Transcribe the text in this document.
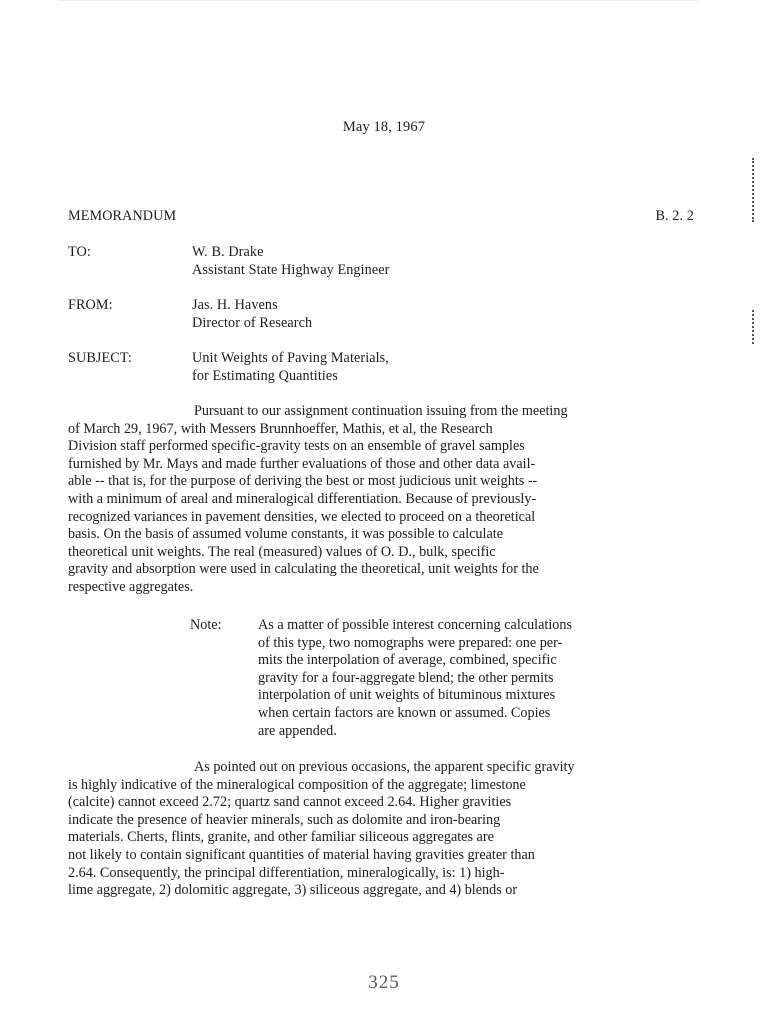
May 18, 1967
MEMORANDUM	B. 2. 2
TO:	W. B. Drake
Assistant State Highway Engineer
FROM:	Jas. H. Havens
Director of Research
SUBJECT:	Unit Weights of Paving Materials,
for Estimating Quantities
Pursuant to our assignment continuation issuing from the meeting
of March 29, 1967, with Messers Brunnhoeffer, Mathis, et al, the Research
Division staff performed specific-gravity tests on an ensemble of gravel samples
furnished by Mr. Mays and made further evaluations of those and other data avail-
able -- that is, for the purpose of deriving the best or most judicious unit weights --
with a minimum of areal and mineralogical differentiation. Because of previously-
recognized variances in pavement densities, we elected to proceed on a theoretical
basis. On the basis of assumed volume constants, it was possible to calculate
theoretical unit weights. The real (measured) values of O. D., bulk, specific
gravity and absorption were used in calculating the theoretical, unit weights for the
respective aggregates.
Note:	As a matter of possible interest concerning calculations
of this type, two nomographs were prepared: one per-
mits the interpolation of average, combined, specific
gravity for a four-aggregate blend; the other permits
interpolation of unit weights of bituminous mixtures
when certain factors are known or assumed. Copies
are appended.
As pointed out on previous occasions, the apparent specific gravity
is highly indicative of the mineralogical composition of the aggregate; limestone
(calcite) cannot exceed 2.72; quartz sand cannot exceed 2.64. Higher gravities
indicate the presence of heavier minerals, such as dolomite and iron-bearing
materials. Cherts, flints, granite, and other familiar siliceous aggregates are
not likely to contain significant quantities of material having gravities greater than
2.64. Consequently, the principal differentiation, mineralogically, is: 1) high-
lime aggregate, 2) dolomitic aggregate, 3) siliceous aggregate, and 4) blends or
325
